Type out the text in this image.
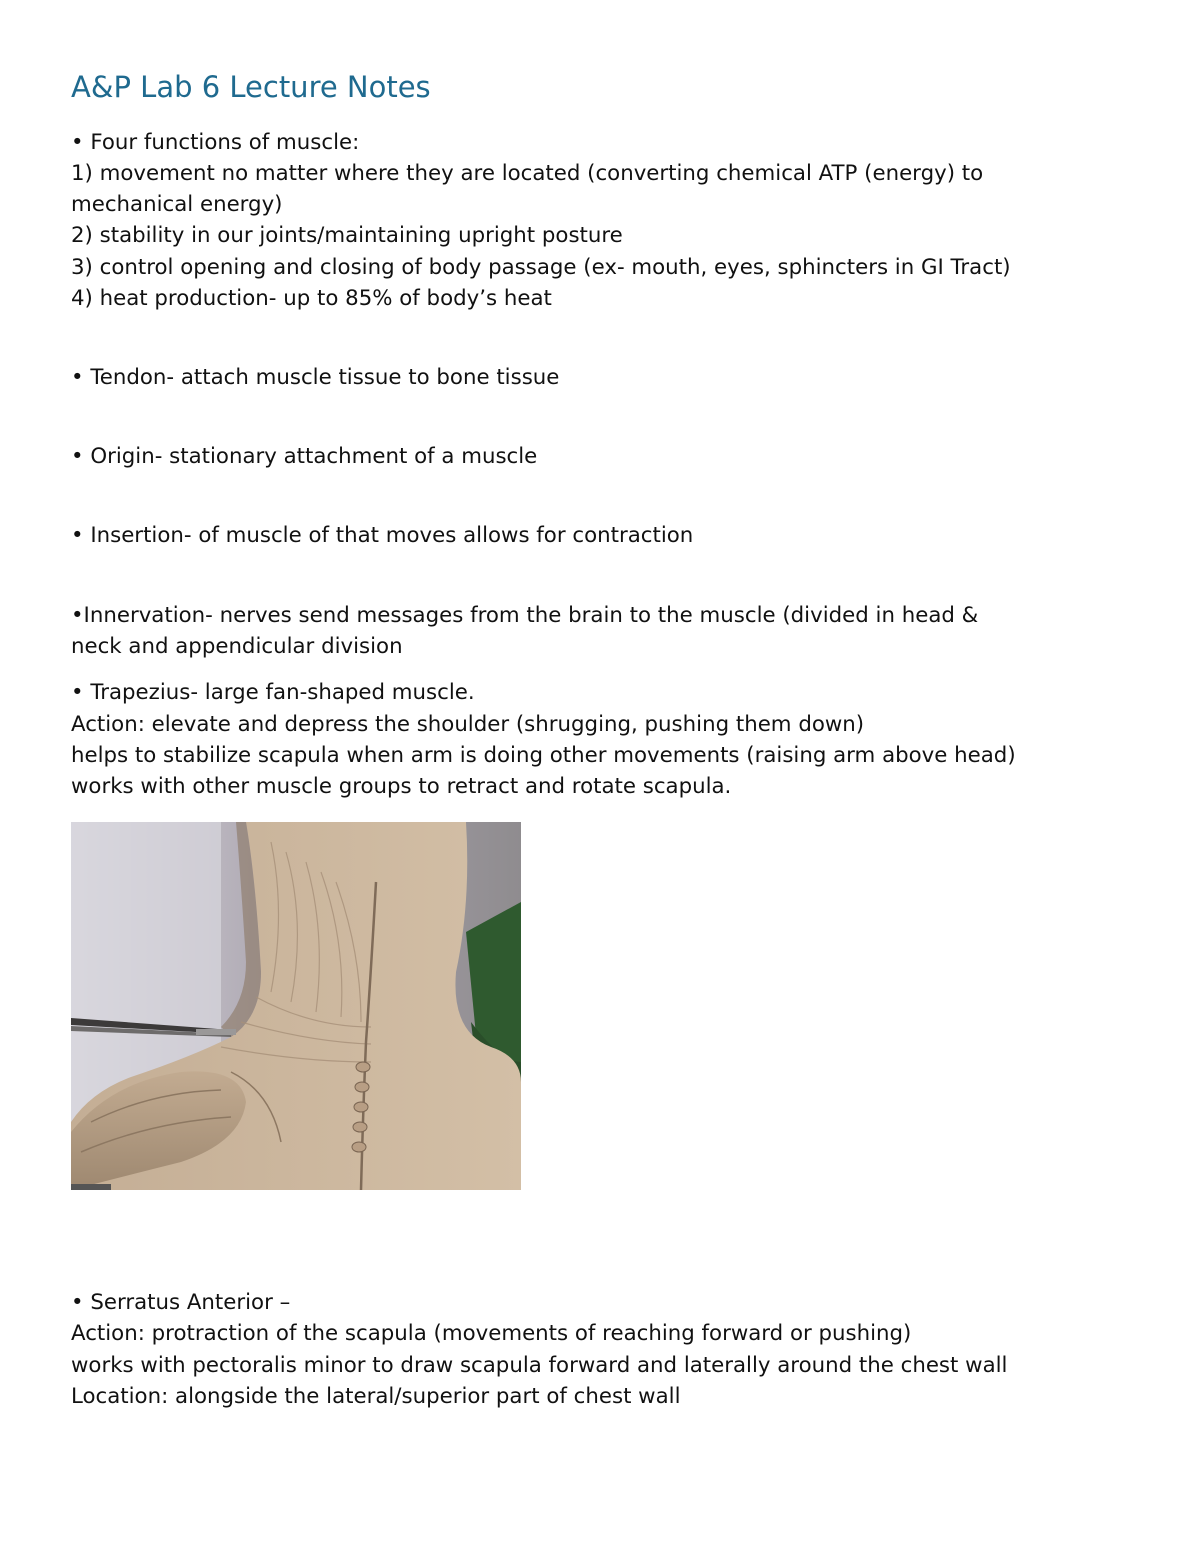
A&P Lab 6 Lecture Notes
• Four functions of muscle:
1) movement no matter where they are located (converting chemical ATP (energy) to
mechanical energy)
2) stability in our joints/maintaining upright posture
3) control opening and closing of body passage (ex- mouth, eyes, sphincters in GI Tract)
4) heat production- up to 85% of body’s heat
• Tendon- attach muscle tissue to bone tissue
• Origin- stationary attachment of a muscle
• Insertion- of muscle of that moves allows for contraction
•Innervation- nerves send messages from the brain to the muscle (divided in head &
neck and appendicular division
• Trapezius- large fan-shaped muscle.
Action: elevate and depress the shoulder (shrugging, pushing them down)
helps to stabilize scapula when arm is doing other movements (raising arm above head)
works with other muscle groups to retract and rotate scapula.
• Serratus Anterior –
Action: protraction of the scapula (movements of reaching forward or pushing)
works with pectoralis minor to draw scapula forward and laterally around the chest wall
Location: alongside the lateral/superior part of chest wall
